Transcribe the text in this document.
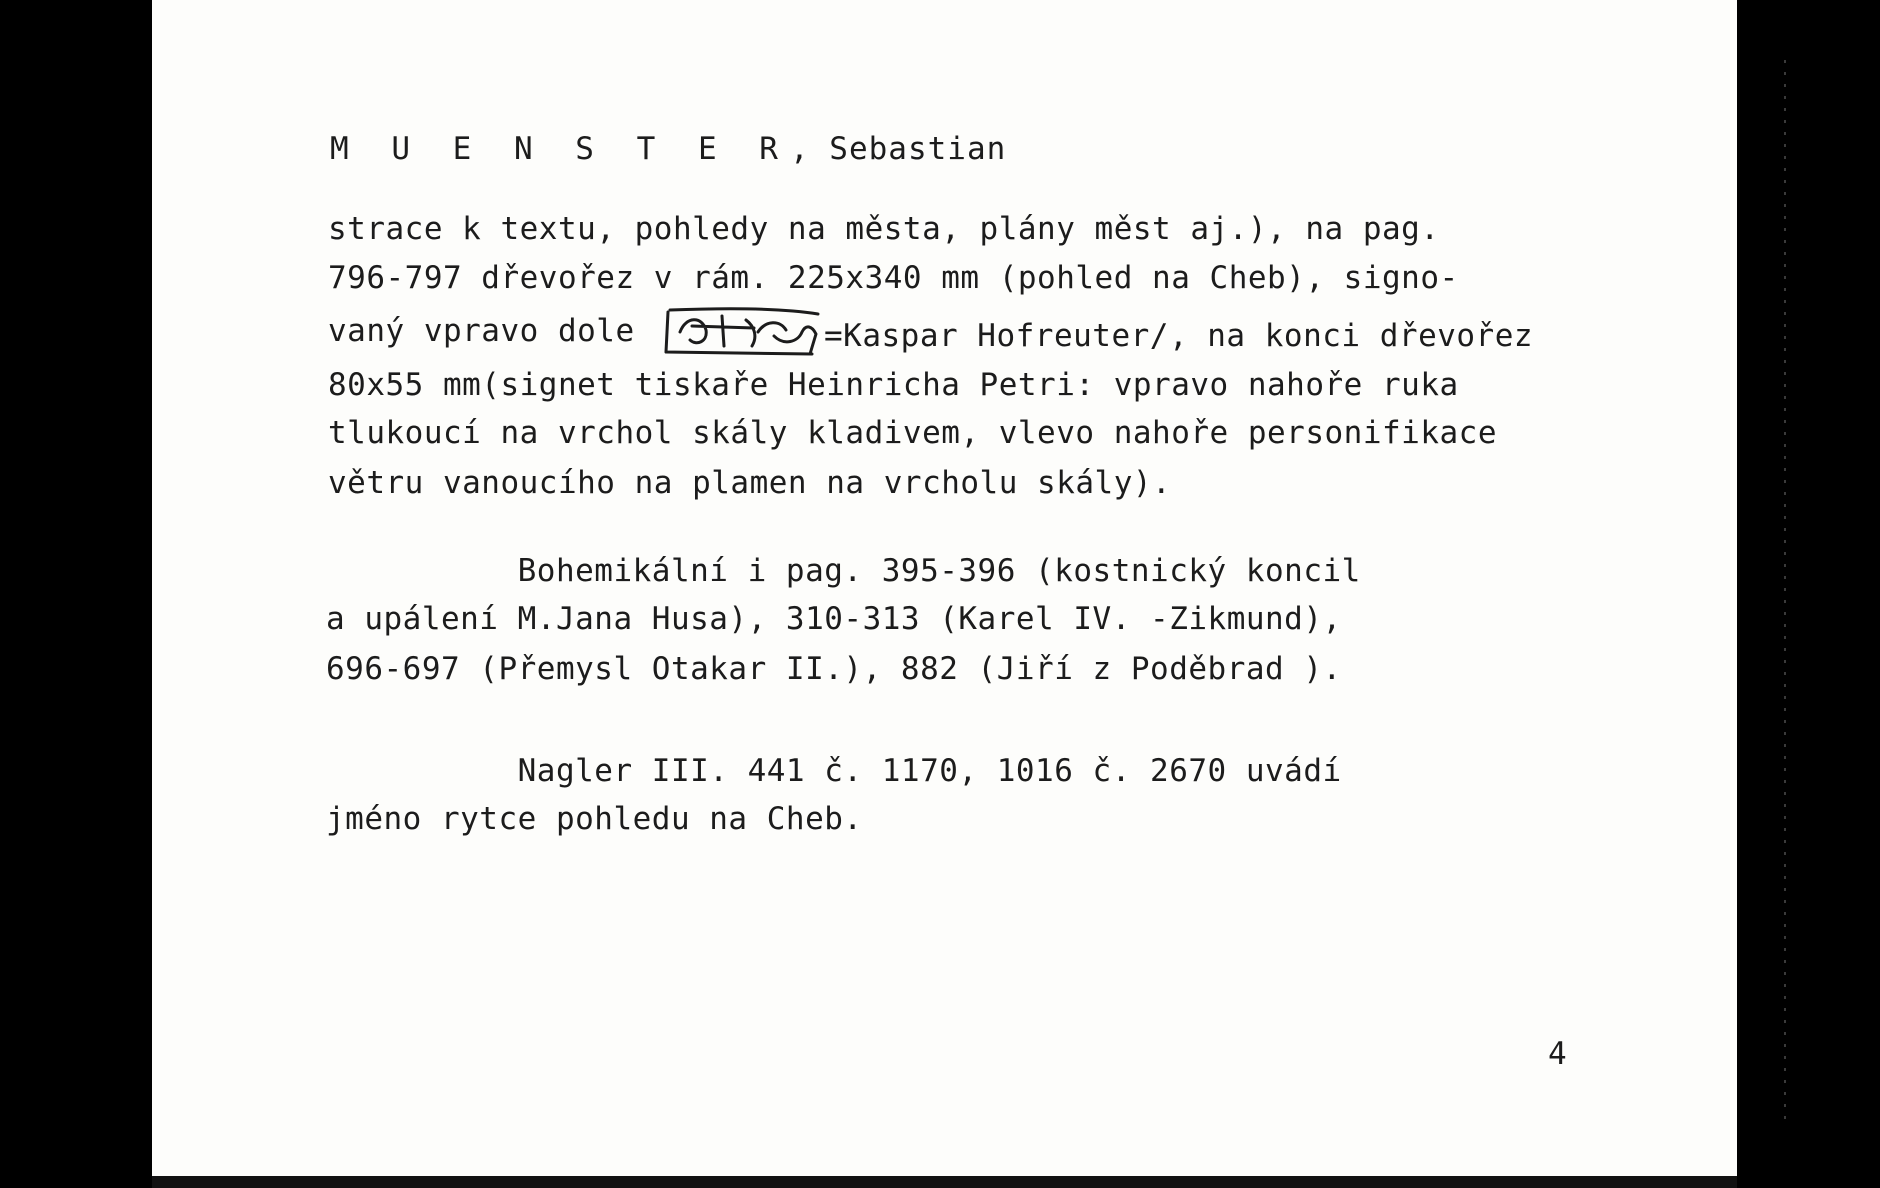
M U E N S T E R, Sebastian
strace k textu, pohledy na města, plány měst aj.), na pag.
796-797 dřevořez v rám. 225x340 mm (pohled na Cheb), signo-
vaný vpravo dole	=Kaspar Hofreuter/, na konci dřevořez
80x55 mm(signet tiskaře Heinricha Petri: vpravo nahoře ruka
tlukoucí na vrchol skály kladivem, vlevo nahoře personifikace
větru vanoucího na plamen na vrcholu skály).
Bohemikální i pag. 395-396 (kostnický koncil
a upálení M.Jana Husa), 310-313 (Karel IV. -Zikmund),
696-697 (Přemysl Otakar II.), 882 (Jiří z Poděbrad ).
Nagler III. 441 č. 1170, 1016 č. 2670 uvádí
jméno rytce pohledu na Cheb.
4
